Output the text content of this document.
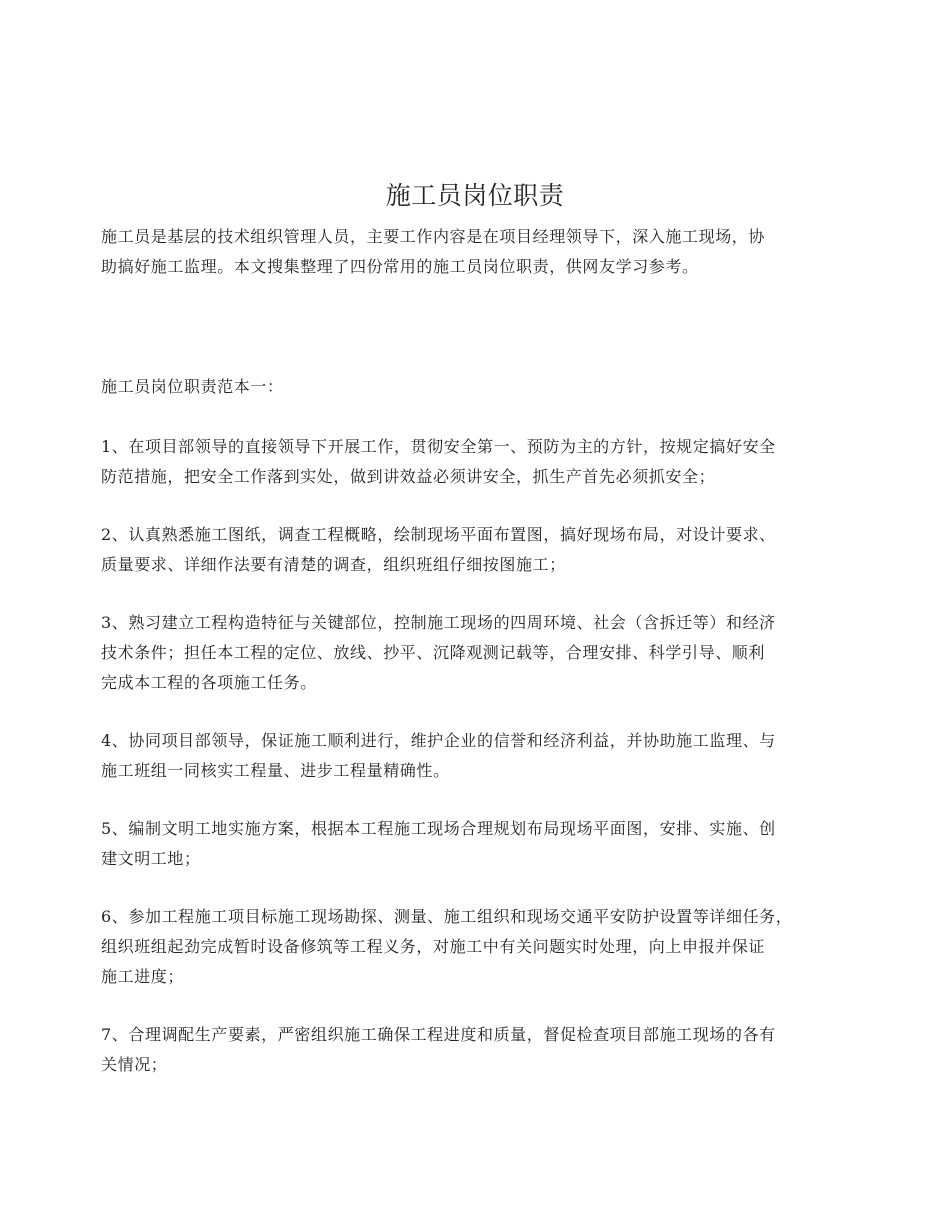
施工员岗位职责

施工员是基层的技术组织管理人员，主要工作内容是在项目经理领导下，深入施工现场，协
助搞好施工监理。本文搜集整理了四份常用的施工员岗位职责，供网友学习参考。

施工员岗位职责范本一：

1、在项目部领导的直接领导下开展工作，贯彻安全第一、预防为主的方针，按规定搞好安全
防范措施，把安全工作落到实处，做到讲效益必须讲安全，抓生产首先必须抓安全；

2、认真熟悉施工图纸，调查工程概略，绘制现场平面布置图，搞好现场布局，对设计要求、
质量要求、详细作法要有清楚的调查，组织班组仔细按图施工；

3、熟习建立工程构造特征与关键部位，控制施工现场的四周环境、社会（含拆迁等）和经济
技术条件；担任本工程的定位、放线、抄平、沉降观测记载等，合理安排、科学引导、顺利
完成本工程的各项施工任务。

4、协同项目部领导，保证施工顺利进行，维护企业的信誉和经济利益，并协助施工监理、与
施工班组一同核实工程量、进步工程量精确性。

5、编制文明工地实施方案，根据本工程施工现场合理规划布局现场平面图，安排、实施、创
建文明工地；

6、参加工程施工项目标施工现场勘探、测量、施工组织和现场交通平安防护设置等详细任务，
组织班组起劲完成暂时设备修筑等工程义务，对施工中有关问题实时处理，向上申报并保证
施工进度；

7、合理调配生产要素，严密组织施工确保工程进度和质量，督促检查项目部施工现场的各有
关情况；
